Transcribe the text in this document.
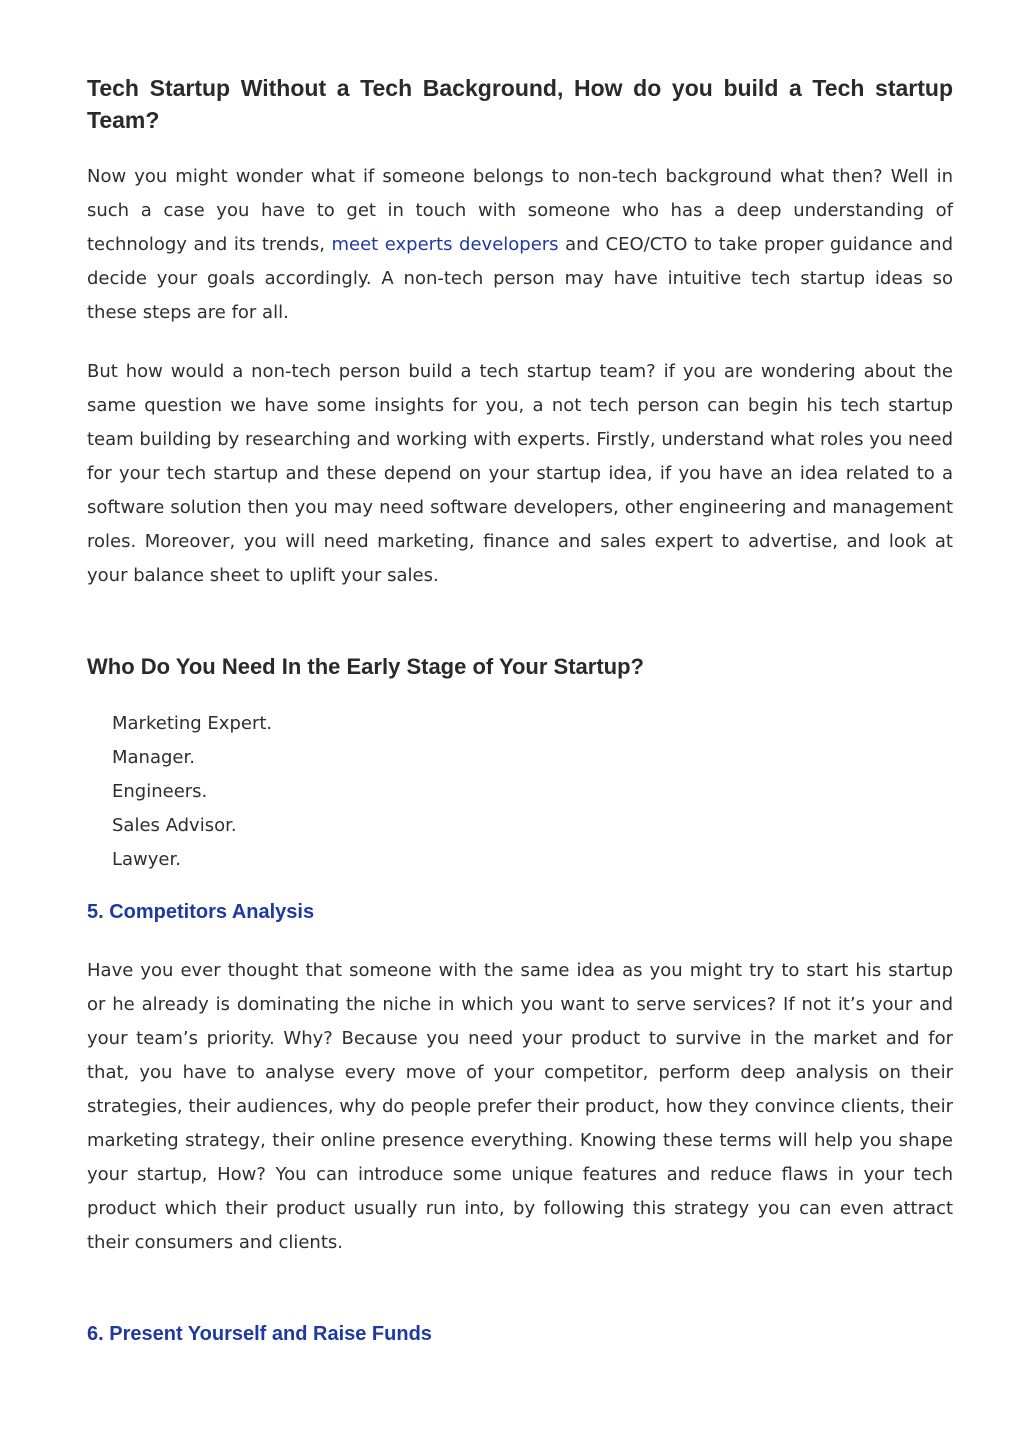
Tech Startup Without a Tech Background, How do you build a Tech startup Team?

Now you might wonder what if someone belongs to non-tech background what then? Well in such a case you have to get in touch with someone who has a deep understanding of technology and its trends, meet experts developers and CEO/CTO to take proper guidance and decide your goals accordingly. A non-tech person may have intuitive tech startup ideas so these steps are for all.

But how would a non-tech person build a tech startup team? if you are wondering about the same question we have some insights for you, a not tech person can begin his tech startup team building by researching and working with experts. Firstly, understand what roles you need for your tech startup and these depend on your startup idea, if you have an idea related to a software solution then you may need software developers, other engineering and management roles. Moreover, you will need marketing, finance and sales expert to advertise, and look at your balance sheet to uplift your sales.

Who Do You Need In the Early Stage of Your Startup?
Marketing Expert.
Manager.
Engineers.
Sales Advisor.
Lawyer.
5. Competitors Analysis

Have you ever thought that someone with the same idea as you might try to start his startup or he already is dominating the niche in which you want to serve services? If not it’s your and your team’s priority. Why? Because you need your product to survive in the market and for that, you have to analyse every move of your competitor, perform deep analysis on their strategies, their audiences, why do people prefer their product, how they convince clients, their marketing strategy, their online presence everything. Knowing these terms will help you shape your startup, How? You can introduce some unique features and reduce flaws in your tech product which their product usually run into, by following this strategy you can even attract their consumers and clients.

6. Present Yourself and Raise Funds
